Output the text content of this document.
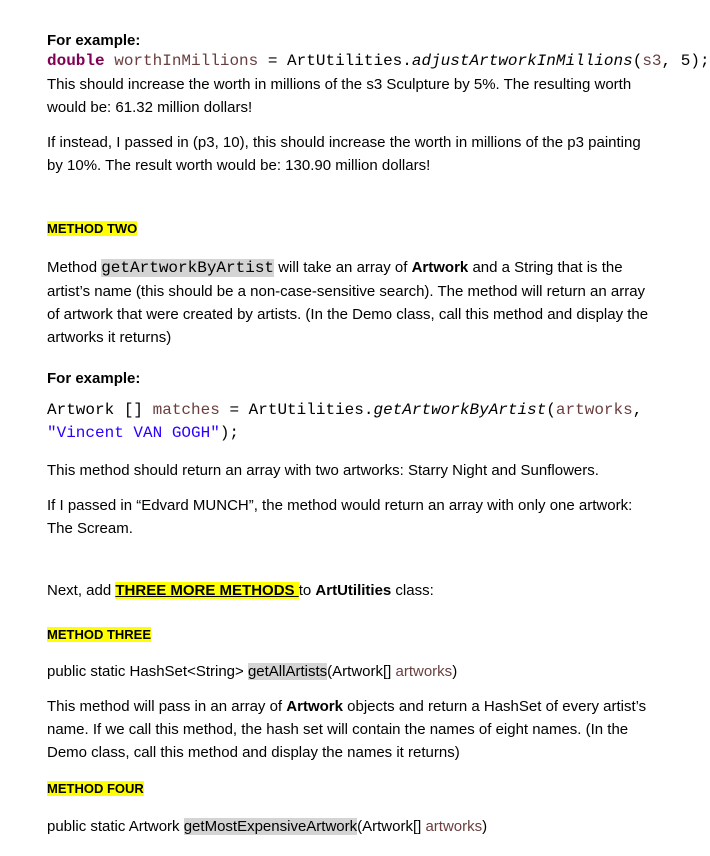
For example:

double worthInMillions = ArtUtilities.adjustArtworkInMillions(s3, 5);

This should increase the worth in millions of the s3 Sculpture by 5%. The resulting worth would be: 61.32 million dollars!

If instead, I passed in (p3, 10), this should increase the worth in millions of the p3 painting by 10%. The result worth would be: 130.90 million dollars!

METHOD TWO

Method getArtworkByArtist will take an array of Artwork and a String that is the artist’s name (this should be a non-case-sensitive search). The method will return an array of artwork that were created by artists. (In the Demo class, call this method and display the artworks it returns)

For example:

Artwork [] matches = ArtUtilities.getArtworkByArtist(artworks,
"Vincent VAN GOGH");

This method should return an array with two artworks: Starry Night and Sunflowers.

If I passed in “Edvard MUNCH”, the method would return an array with only one artwork: The Scream.

Next, add THREE MORE METHODS to ArtUtilities class:

METHOD THREE

public static HashSet<String> getAllArtists(Artwork[] artworks)

This method will pass in an array of Artwork objects and return a HashSet of every artist’s name. If we call this method, the hash set will contain the names of eight names. (In the Demo class, call this method and display the names it returns)

METHOD FOUR

public static Artwork getMostExpensiveArtwork(Artwork[] artworks)
